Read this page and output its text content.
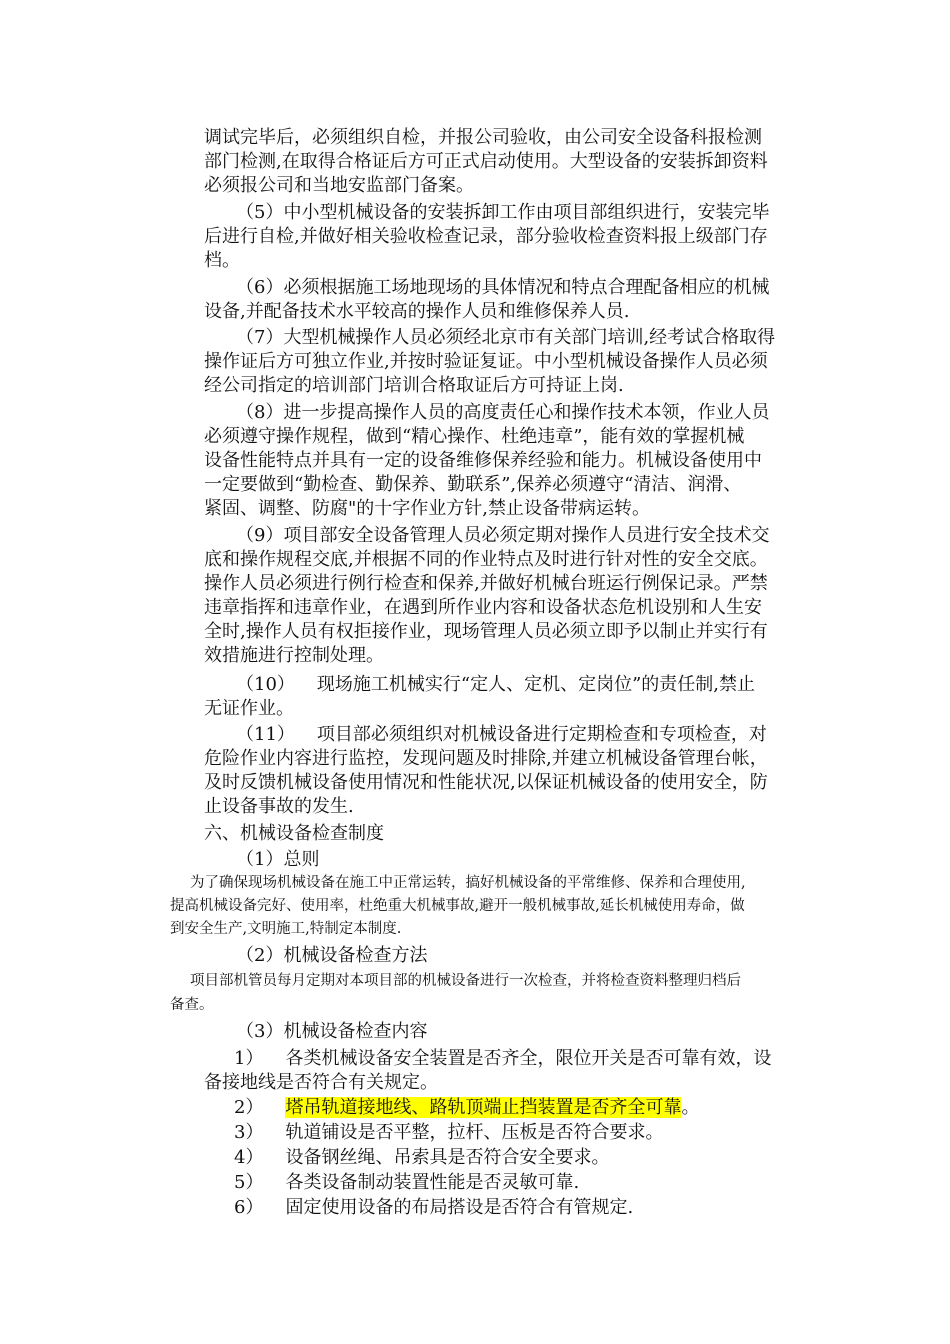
调试完毕后，必须组织自检，并报公司验收，由公司安全设备科报检测

部门检测,在取得合格证后方可正式启动使用。大型设备的安装拆卸资料

必须报公司和当地安监部门备案。

（5）中小型机械设备的安装拆卸工作由项目部组织进行，安装完毕

后进行自检,并做好相关验收检查记录，部分验收检查资料报上级部门存

档。

（6）必须根据施工场地现场的具体情况和特点合理配备相应的机械

设备,并配备技术水平较高的操作人员和维修保养人员.

（7）大型机械操作人员必须经北京市有关部门培训,经考试合格取得

操作证后方可独立作业,并按时验证复证。中小型机械设备操作人员必须

经公司指定的培训部门培训合格取证后方可持证上岗.

（8）进一步提高操作人员的高度责任心和操作技术本领，作业人员

必须遵守操作规程，做到“精心操作、杜绝违章”，能有效的掌握机械

设备性能特点并具有一定的设备维修保养经验和能力。机械设备使用中

一定要做到“勤检查、勤保养、勤联系”,保养必须遵守“清洁、润滑、

紧固、调整、防腐"的十字作业方针,禁止设备带病运转。

（9）项目部安全设备管理人员必须定期对操作人员进行安全技术交

底和操作规程交底,并根据不同的作业特点及时进行针对性的安全交底。

操作人员必须进行例行检查和保养,并做好机械台班运行例保记录。严禁

违章指挥和违章作业，在遇到所作业内容和设备状态危机设别和人生安

全时,操作人员有权拒接作业，现场管理人员必须立即予以制止并实行有

效措施进行控制处理。

（10） 现场施工机械实行“定人、定机、定岗位”的责任制,禁止

无证作业。

（11） 项目部必须组织对机械设备进行定期检查和专项检查，对

危险作业内容进行监控，发现问题及时排除,并建立机械设备管理台帐，

及时反馈机械设备使用情况和性能状况,以保证机械设备的使用安全，防

止设备事故的发生.

六、机械设备检查制度

（1）总则

为了确保现场机械设备在施工中正常运转，搞好机械设备的平常维修、保养和合理使用,

提高机械设备完好、使用率，杜绝重大机械事故,避开一般机械事故,延长机械使用寿命，做

到安全生产,文明施工,特制定本制度.

（2）机械设备检查方法

项目部机管员每月定期对本项目部的机械设备进行一次检查，并将检查资料整理归档后

备查。

（3）机械设备检查内容

1） 各类机械设备安全装置是否齐全，限位开关是否可靠有效，设

备接地线是否符合有关规定。

2） 塔吊轨道接地线、路轨顶端止挡装置是否齐全可靠。

3） 轨道铺设是否平整，拉杆、压板是否符合要求。

4） 设备钢丝绳、吊索具是否符合安全要求。

5） 各类设备制动装置性能是否灵敏可靠.

6） 固定使用设备的布局搭设是否符合有管规定.
